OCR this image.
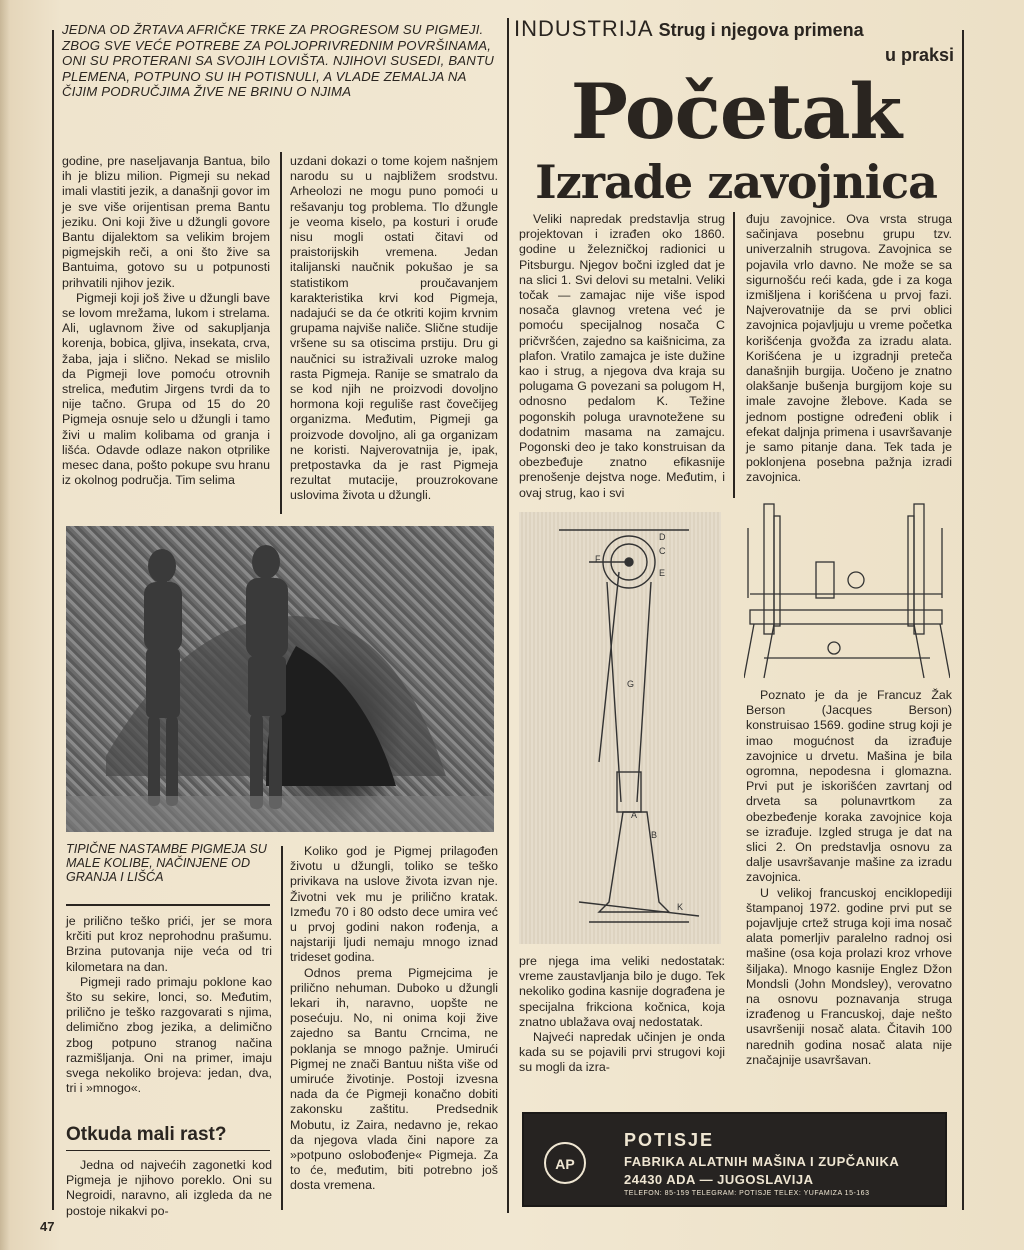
JEDNA OD ŽRTAVA AFRIČKE TRKE ZA PROGRESOM SU PIGMEJI. ZBOG SVE VEĆE POTREBE ZA POLJOPRIVREDNIM POVRŠINAMA, ONI SU PROTERANI SA SVOJIH LOVIŠTA. NJIHOVI SUSEDI, BANTU PLEMENA, POTPUNO SU IH POTISNULI, A VLADE ZEMALJA NA ČIJIM PODRUČJIMA ŽIVE NE BRINU O NJIMA

godine, pre naseljavanja Bantua, bilo ih je blizu milion. Pigmeji su nekad imali vlastiti jezik, a današnji govor im je sve više orijentisan prema Bantu jeziku. Oni koji žive u džungli govore Bantu dijalektom sa velikim brojem pigmejskih reči, a oni što žive sa Bantuima, gotovo su u potpunosti prihvatili njihov jezik.

Pigmeji koji još žive u džungli bave se lovom mrežama, lukom i strelama. Ali, uglavnom žive od sakupljanja korenja, bobica, gljiva, insekata, crva, žaba, jaja i slično. Nekad se mislilo da Pigmeji love pomoću otrovnih strelica, međutim Jirgens tvrdi da to nije tačno. Grupa od 15 do 20 Pigmeja osnuje selo u džungli i tamo živi u malim kolibama od granja i lišća. Odavde odlaze nakon otprilike mesec dana, pošto pokupe svu hranu iz okolnog područja. Tim selima

uzdani dokazi o tome kojem našnjem narodu su u najbližem srodstvu. Arheolozi ne mogu puno pomoći u rešavanju tog problema. Tlo džungle je veoma kiselo, pa kosturi i oruđe nisu mogli ostati čitavi od praistorijskih vremena. Jedan italijanski naučnik pokušao je sa statistikom proučavanjem karakteristika krvi kod Pigmeja, nadajući se da će otkriti kojim krvnim grupama najviše naliče. Slične studije vršene su sa otiscima prstiju. Dru gi naučnici su istraživali uzroke malog rasta Pigmeja. Ranije se smatralo da se kod njih ne proizvodi dovoljno hormona koji reguliše rast čovečijeg organizma. Međutim, Pigmeji ga proizvode dovoljno, ali ga organizam ne koristi. Najverovatnija je, ipak, pretpostavka da je rast Pigmeja rezultat mutacije, prouzrokovane uslovima života u džungli.

TIPIČNE NASTAMBE PIGMEJA SU MALE KOLIBE, NAČINJENE OD GRANJA I LIŠĆA

je prilično teško prići, jer se mora krčiti put kroz neprohodnu prašumu. Brzina putovanja nije veća od tri kilometara na dan.

Pigmeji rado primaju poklone kao što su sekire, lonci, so. Međutim, prilično je teško razgovarati s njima, delimično zbog jezika, a delimično zbog potpuno stranog načina razmišljanja. Oni na primer, imaju svega nekoliko brojeva: jedan, dva, tri i »mnogo«.

Otkuda mali rast?

Jedna od najvećih zagonetki kod Pigmeja je njihovo poreklo. Oni su Negroidi, naravno, ali izgleda da ne postoje nikakvi po-

Koliko god je Pigmej prilagođen životu u džungli, toliko se teško privikava na uslove života izvan nje. Životni vek mu je prilično kratak. Između 70 i 80 odsto dece umira već u prvoj godini nakon rođenja, a najstariji ljudi nemaju mnogo iznad trideset godina.

Odnos prema Pigmejcima je prilično nehuman. Duboko u džungli lekari ih, naravno, uopšte ne posećuju. No, ni onima koji žive zajedno sa Bantu Crncima, ne poklanja se mnogo pažnje. Umirući Pigmej ne znači Bantuu ništa više od umiruće životinje. Postoji izvesna nada da će Pigmeji konačno dobiti zakonsku zaštitu. Predsednik Mobutu, iz Zaira, nedavno je, rekao da njegova vlada čini napore za »potpuno oslobođenje« Pigmeja. Za to će, međutim, biti potrebno još dosta vremena.

47
INDUSTRIJA Strug i njegova primena
u praksi
Početak
Izrade zavojnica

Veliki napredak predstavlja strug projektovan i izrađen oko 1860. godine u železničkoj radionici u Pitsburgu. Njegov bočni izgled dat je na slici 1. Svi delovi su metalni. Veliki točak — zamajac nije više ispod nosača glavnog vretena već je pomoću specijalnog nosača C pričvršćen, zajedno sa kaišnicima, za plafon. Vratilo zamajca je iste dužine kao i strug, a njegova dva kraja su polugama G povezani sa polugom H, odnosno pedalom K. Težine pogonskih poluga uravnotežene su dodatnim masama na zamajcu. Pogonski deo je tako konstruisan da obezbeđuje znatno efikasnije prenošenje dejstva noge. Međutim, i ovaj strug, kao i svi

đuju zavojnice. Ova vrsta struga sačinjava posebnu grupu tzv. univerzalnih strugova. Zavojnica se pojavila vrlo davno. Ne može se sa sigurnošću reći kada, gde i za koga izmišljena i korišćena u prvoj fazi. Najverovatnije da se prvi oblici zavojnica pojavljuju u vreme početka korišćenja gvožđa za izradu alata. Korišćena je u izgradnji preteča današnjih burgija. Uočeno je znatno olakšanje bušenja burgijom koje su imale zavojne žlebove. Kada se jednom postigne određeni oblik i efekat daljnja primena i usavršavanje je samo pitanje dana. Tek tada je poklonjena posebna pažnja izradi zavojnica.

D
C
F
E
G
A
B
K

pre njega ima veliki nedostatak: vreme zaustavljanja bilo je dugo. Tek nekoliko godina kasnije dograđena je specijalna frikciona kočnica, koja znatno ublažava ovaj nedostatak.

Najveći napredak učinjen je onda kada su se pojavili prvi strugovi koji su mogli da izra-

Poznato je da je Francuz Žak Berson (Jacques Berson) konstruisao 1569. godine strug koji je imao mogućnost da izrađuje zavojnice u drvetu. Mašina je bila ogromna, nepodesna i glomazna. Prvi put je iskorišćen zavrtanj od drveta sa polunavrtkom za obezbeđenje koraka zavojnice koja se izrađuje. Izgled struga je dat na slici 2. On predstavlja osnovu za dalje usavršavanje mašine za izradu zavojnica.

U velikoj francuskoj enciklopediji štampanoj 1972. godine prvi put se pojavljuje crtež struga koji ima nosač alata pomerljiv paralelno radnoj osi mašine (osa koja prolazi kroz vrhove šiljaka). Mnogo kasnije Englez Džon Mondsli (John Mondsley), verovatno na osnovu poznavanja struga izrađenog u Francuskoj, daje nešto usavršeniji nosač alata. Čitavih 100 narednih godina nosač alata nije značajnije usavršavan.

AP
POTISJE
FABRIKA ALATNIH MAŠINA I ZUPČANIKA
24430 ADA — JUGOSLAVIJA
TELEFON: 85-159 TELEGRAM: POTISJE TELEX: YUFAMIZA 15-163
